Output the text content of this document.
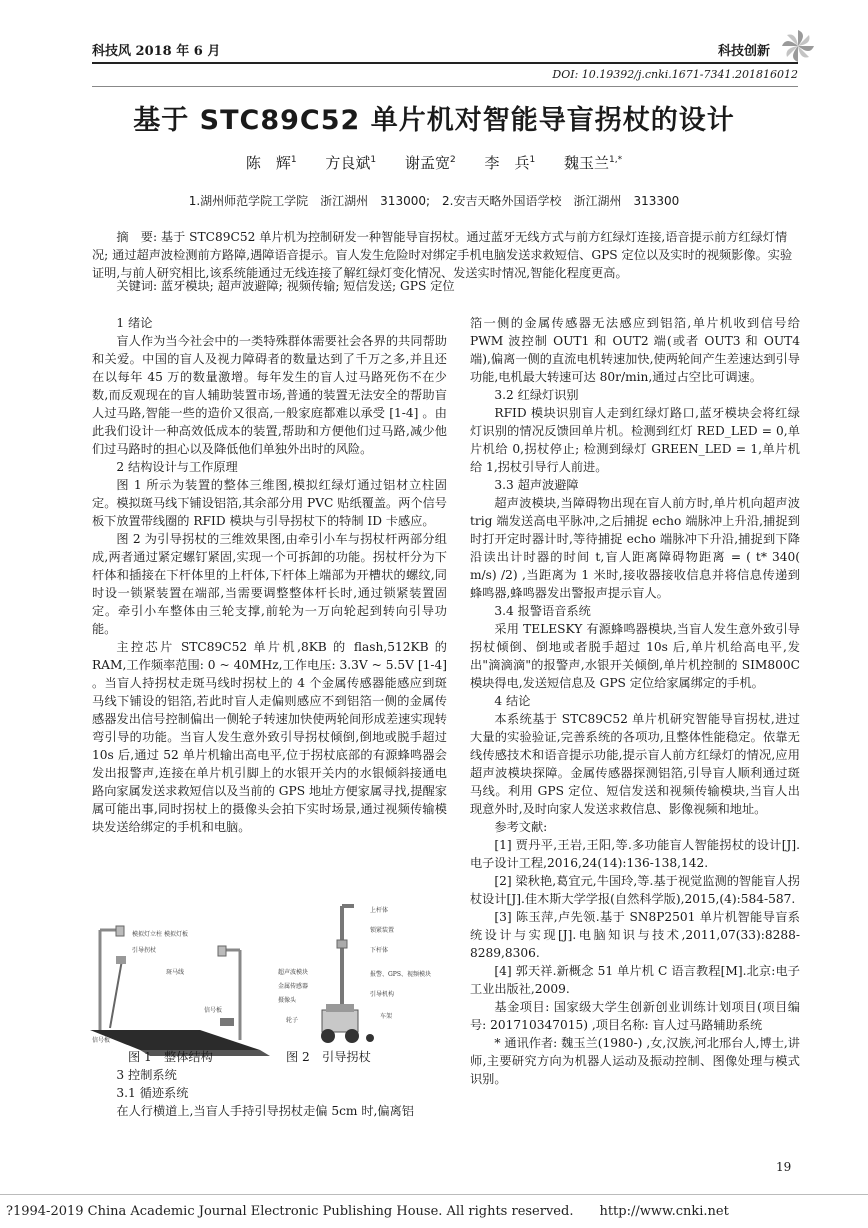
科技风 2018 年 6 月	科技创新
DOI: 10.19392/j.cnki.1671-7341.201816012
基于 STC89C52 单片机对智能导盲拐杖的设计
陈　辉$^1$ 方良斌$^1$ 谢孟宽$^2$ 李　兵$^1$ 魏玉兰$^{1,*}$
1.湖州师范学院工学院　浙江湖州　313000;　2.安吉天略外国语学校　浙江湖州　313300
摘　要: 基于 STC89C52 单片机为控制研发一种智能导盲拐杖。通过蓝牙无线方式与前方红绿灯连接,语音提示前方红绿灯情况; 通过超声波检测前方路障,遇障语音提示。盲人发生危险时对绑定手机电脑发送求救短信、GPS 定位以及实时的视频影像。实验证明,与前人研究相比,该系统能通过无线连接了解红绿灯变化情况、发送实时情况,智能化程度更高。
关键词: 蓝牙模块; 超声波避障; 视频传输; 短信发送; GPS 定位

1 绪论

盲人作为当今社会中的一类特殊群体需要社会各界的共同帮助和关爱。中国的盲人及视力障碍者的数量达到了千万之多,并且还在以每年 45 万的数量激增。每年发生的盲人过马路死伤不在少数,而反观现在的盲人辅助装置市场,普通的装置无法安全的帮助盲人过马路,智能一些的造价又很高,一般家庭都难以承受 [1-4] 。由此我们设计一种高效低成本的装置,帮助和方便他们过马路,减少他们过马路时的担心以及降低他们单独外出时的风险。

2 结构设计与工作原理

图 1 所示为装置的整体三维图,模拟红绿灯通过铝材立柱固定。模拟斑马线下铺设铝箔,其余部分用 PVC 贴纸覆盖。两个信号板下放置带线圈的 RFID 模块与引导拐杖下的特制 ID 卡感应。

图 2 为引导拐杖的三维效果图,由牵引小车与拐杖杆两部分组成,两者通过紧定螺钉紧固,实现一个可拆卸的功能。拐杖杆分为下杆体和插接在下杆体里的上杆体,下杆体上端部为开槽状的螺纹,同时设一锁紧装置在端部,当需要调整整体杆长时,通过锁紧装置固定。牵引小车整体由三轮支撑,前轮为一万向轮起到转向引导功能。

主控芯片 STC89C52 单片机,8KB 的 flash,512KB 的 RAM,工作频率范围: 0 ~ 40MHz,工作电压: 3.3V ~ 5.5V [1-4] 。当盲人持拐杖走斑马线时拐杖上的 4 个金属传感器能感应到斑马线下铺设的铝箔,若此时盲人走偏则感应不到铝箔一侧的金属传感器发出信号控制偏出一侧轮子转速加快使两轮间形成差速实现转弯引导的功能。当盲人发生意外致引导拐杖倾倒,倒地或脱手超过 10s 后,通过 52 单片机输出高电平,位于拐杖底部的有源蜂鸣器会发出报警声,连接在单片机引脚上的水银开关内的水银倾斜接通电路向家属发送求救短信以及当前的 GPS 地址方便家属寻找,提醒家属可能出事,同时拐杖上的摄像头会拍下实时场景,通过视频传输模块发送给绑定的手机和电脑。

模拟灯立柱 模拟灯板
引导拐杖
斑马线
信号板
信号板
上杆体
锁紧装置
下杆体
超声波模块
金属传感器
摄像头
报警、GPS、视频模块
引导机构
轮子
车架
图 1　整体结构	图 2　引导拐杖

3 控制系统

3.1 循迹系统

在人行横道上,当盲人手持引导拐杖走偏 5cm 时,偏离铝

箔一侧的金属传感器无法感应到铝箔,单片机收到信号给 PWM 波控制 OUT1 和 OUT2 端(或者 OUT3 和 OUT4 端),偏离一侧的直流电机转速加快,使两轮间产生差速达到引导功能,电机最大转速可达 80r/min,通过占空比可调速。

3.2 红绿灯识别

RFID 模块识别盲人走到红绿灯路口,蓝牙模块会将红绿灯识别的情况反馈回单片机。检测到红灯 RED_LED = 0,单片机给 0,拐杖停止; 检测到绿灯 GREEN_LED = 1,单片机给 1,拐杖引导行人前进。

3.3 超声波避障

超声波模块,当障碍物出现在盲人前方时,单片机向超声波 trig 端发送高电平脉冲,之后捕捉 echo 端脉冲上升沿,捕捉到时打开定时器计时,等待捕捉 echo 端脉冲下升沿,捕捉到下降沿读出计时器的时间 t,盲人距离障碍物距离 = ( t* 340( m/s) /2) ,当距离为 1 米时,接收器接收信息并将信息传递到蜂鸣器,蜂鸣器发出警报声提示盲人。

3.4 报警语音系统

采用 TELESKY 有源蜂鸣器模块,当盲人发生意外致引导拐杖倾倒、倒地或者脱手超过 10s 后,单片机给高电平,发出"滴滴滴"的报警声,水银开关倾倒,单片机控制的 SIM800C 模块得电,发送短信息及 GPS 定位给家属绑定的手机。

4 结论

本系统基于 STC89C52 单片机研究智能导盲拐杖,进过大量的实验验证,完善系统的各项功,且整体性能稳定。依靠无线传感技术和语音提示功能,提示盲人前方红绿灯的情况,应用超声波模块探障。金属传感器探测铝箔,引导盲人顺利通过斑马线。利用 GPS 定位、短信发送和视频传输模块,当盲人出现意外时,及时向家人发送求救信息、影像视频和地址。

参考文献:

[1] 贾丹平,王岩,王阳,等.多功能盲人智能拐杖的设计[J].电子设计工程,2016,24(14):136-138,142.

[2] 梁秋艳,葛宜元,牛国玲,等.基于视觉监测的智能盲人拐杖设计[J].佳木斯大学学报(自然科学版),2015,(4):584-587.

[3] 陈玉萍,卢先领.基于 SN8P2501 单片机智能导盲系统设计与实现[J].电脑知识与技术,2011,07(33):8288-8289,8306.

[4] 郭天祥.新概念 51 单片机 C 语言教程[M].北京:电子工业出版社,2009.

基金项目: 国家级大学生创新创业训练计划项目(项目编号: 201710347015) ,项目名称: 盲人过马路辅助系统

* 通讯作者: 魏玉兰(1980-) ,女,汉族,河北邢台人,博士,讲师,主要研究方向为机器人运动及振动控制、图像处理与模式识别。

19
?1994-2019 China Academic Journal Electronic Publishing House. All rights reserved.　　http://www.cnki.net
